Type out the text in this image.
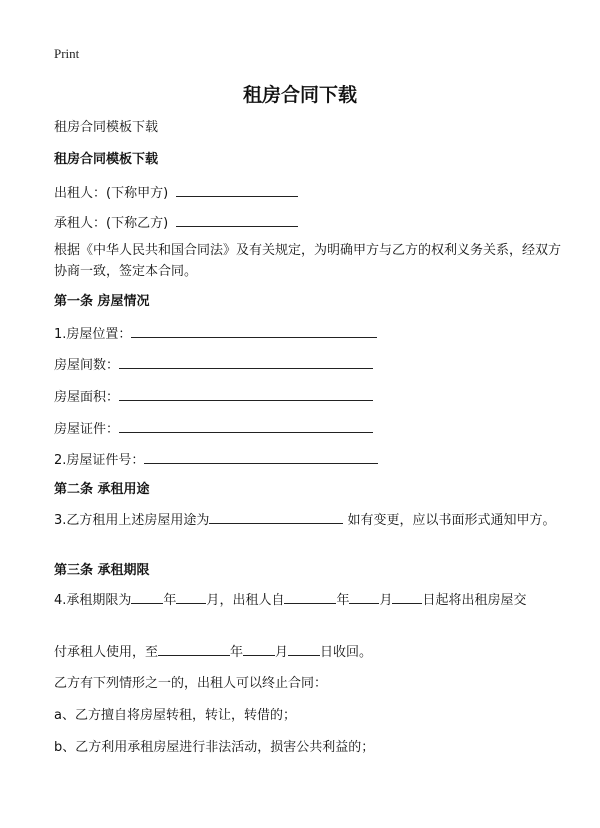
Print
租房合同下载
租房合同模板下载
租房合同模板下载
出租人：(下称甲方)
承租人：(下称乙方)
根据《中华人民共和国合同法》及有关规定，为明确甲方与乙方的权利义务关系，经双方协商一致，签定本合同。
第一条 房屋情况
1.房屋位置：
房屋间数：
房屋面积：
房屋证件：
2.房屋证件号：
第二条 承租用途
3.乙方租用上述房屋用途为	如有变更，应以书面形式通知甲方。
第三条 承租期限
4.承租期限为 年 月，出租人自	年 月 日起将出租房屋交
付承租人使用，至	年 月 日收回。
乙方有下列情形之一的，出租人可以终止合同：
a、乙方擅自将房屋转租，转让，转借的；
b、乙方利用承租房屋进行非法活动，损害公共利益的；
